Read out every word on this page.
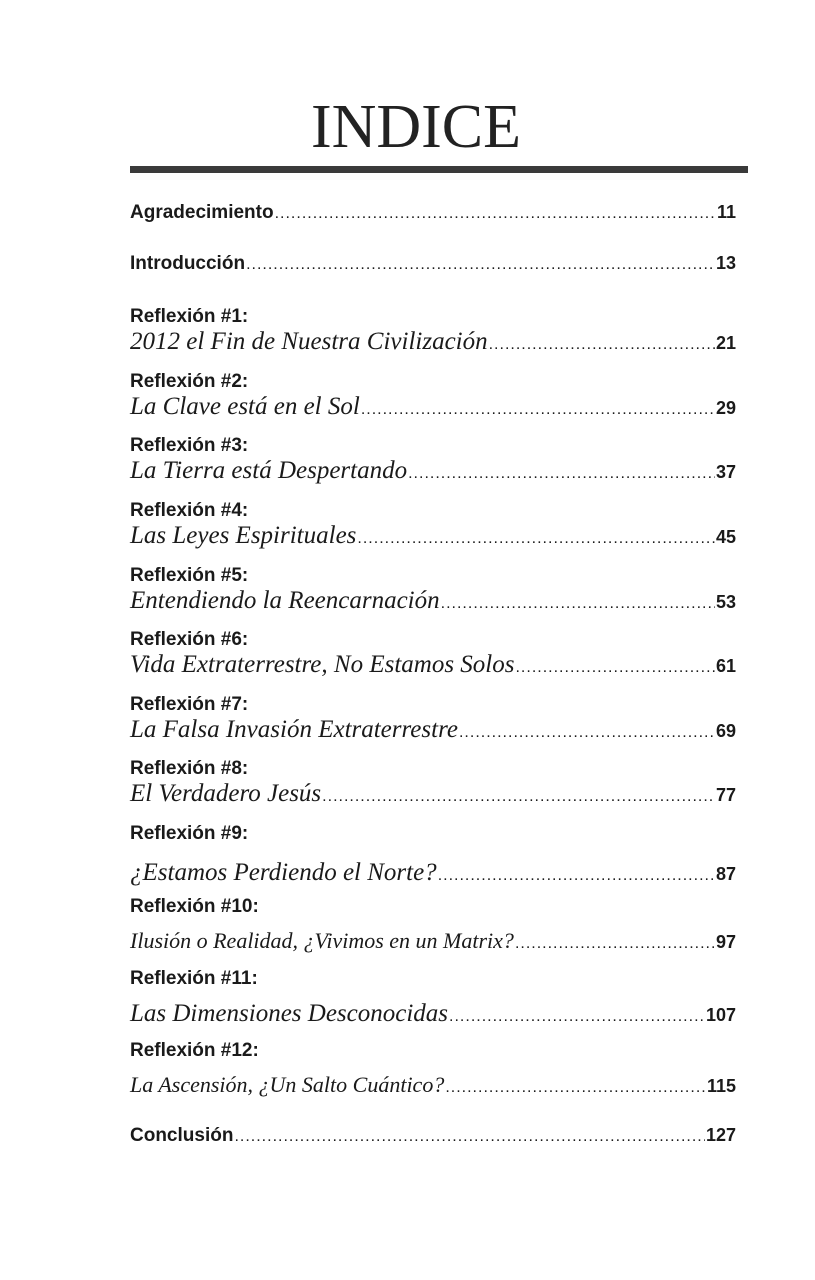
INDICE
Agradecimiento .....	11
Introducción .....	13
Reflexión #1:
2012 el Fin de Nuestra Civilización .....	21
Reflexión #2:
La Clave está en el Sol .....	29
Reflexión #3:
La Tierra está Despertando .....	37
Reflexión #4:
Las Leyes Espirituales .....	45
Reflexión #5:
Entendiendo la Reencarnación .....	53
Reflexión #6:
Vida Extraterrestre, No Estamos Solos .....	61
Reflexión #7:
La Falsa Invasión Extraterrestre .....	69
Reflexión #8:
El Verdadero Jesús .....	77
Reflexión #9:
¿Estamos Perdiendo el Norte? .....	87
Reflexión #10:
Ilusión o Realidad, ¿Vivimos en un Matrix? .....	97
Reflexión #11:
Las Dimensiones Desconocidas .....	107
Reflexión #12:
La Ascensión, ¿Un Salto Cuántico? .....	115
Conclusión .....	127
